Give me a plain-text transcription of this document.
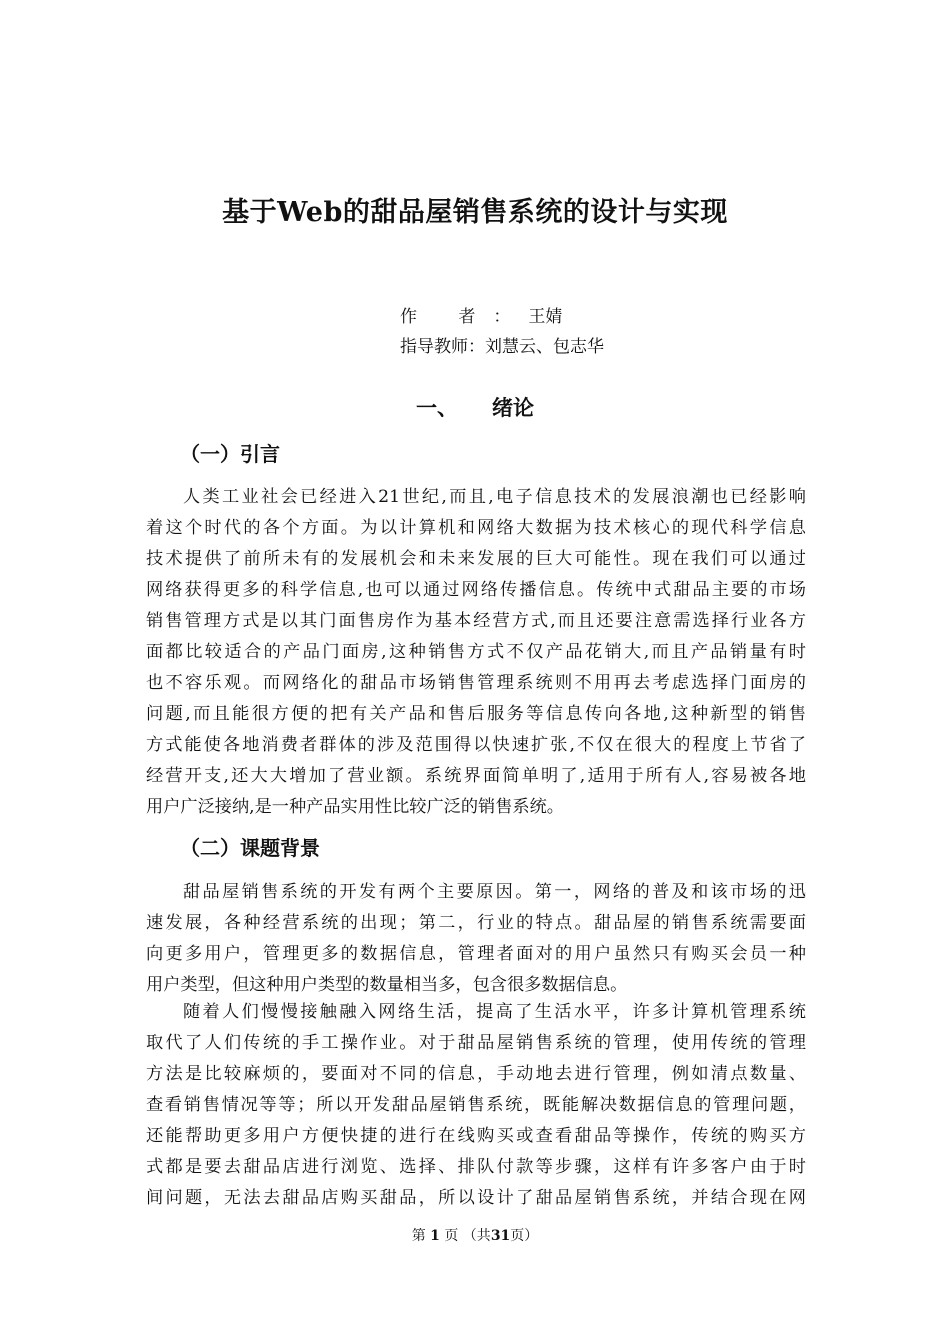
基于Web的甜品屋销售系统的设计与实现
作 者：王婧
指导教师：刘慧云、包志华
一、 绪论
（一）引言
人类工业社会已经进入21世纪,而且,电子信息技术的发展浪潮也已经影响
着这个时代的各个方面。为以计算机和网络大数据为技术核心的现代科学信息
技术提供了前所未有的发展机会和未来发展的巨大可能性。现在我们可以通过
网络获得更多的科学信息,也可以通过网络传播信息。传统中式甜品主要的市场
销售管理方式是以其门面售房作为基本经营方式,而且还要注意需选择行业各方
面都比较适合的产品门面房,这种销售方式不仅产品花销大,而且产品销量有时
也不容乐观。而网络化的甜品市场销售管理系统则不用再去考虑选择门面房的
问题,而且能很方便的把有关产品和售后服务等信息传向各地,这种新型的销售
方式能使各地消费者群体的涉及范围得以快速扩张,不仅在很大的程度上节省了
经营开支,还大大增加了营业额。系统界面简单明了,适用于所有人,容易被各地
用户广泛接纳,是一种产品实用性比较广泛的销售系统。
（二）课题背景
甜品屋销售系统的开发有两个主要原因。第一，网络的普及和该市场的迅
速发展，各种经营系统的出现；第二，行业的特点。甜品屋的销售系统需要面
向更多用户，管理更多的数据信息，管理者面对的用户虽然只有购买会员一种
用户类型，但这种用户类型的数量相当多，包含很多数据信息。
随着人们慢慢接触融入网络生活，提高了生活水平，许多计算机管理系统
取代了人们传统的手工操作业。对于甜品屋销售系统的管理，使用传统的管理
方法是比较麻烦的，要面对不同的信息，手动地去进行管理，例如清点数量、
查看销售情况等等；所以开发甜品屋销售系统，既能解决数据信息的管理问题，
还能帮助更多用户方便快捷的进行在线购买或查看甜品等操作，传统的购买方
式都是要去甜品店进行浏览、选择、排队付款等步骤，这样有许多客户由于时
间问题，无法去甜品店购买甜品，所以设计了甜品屋销售系统，并结合现在网
第 1 页 （共31页）
